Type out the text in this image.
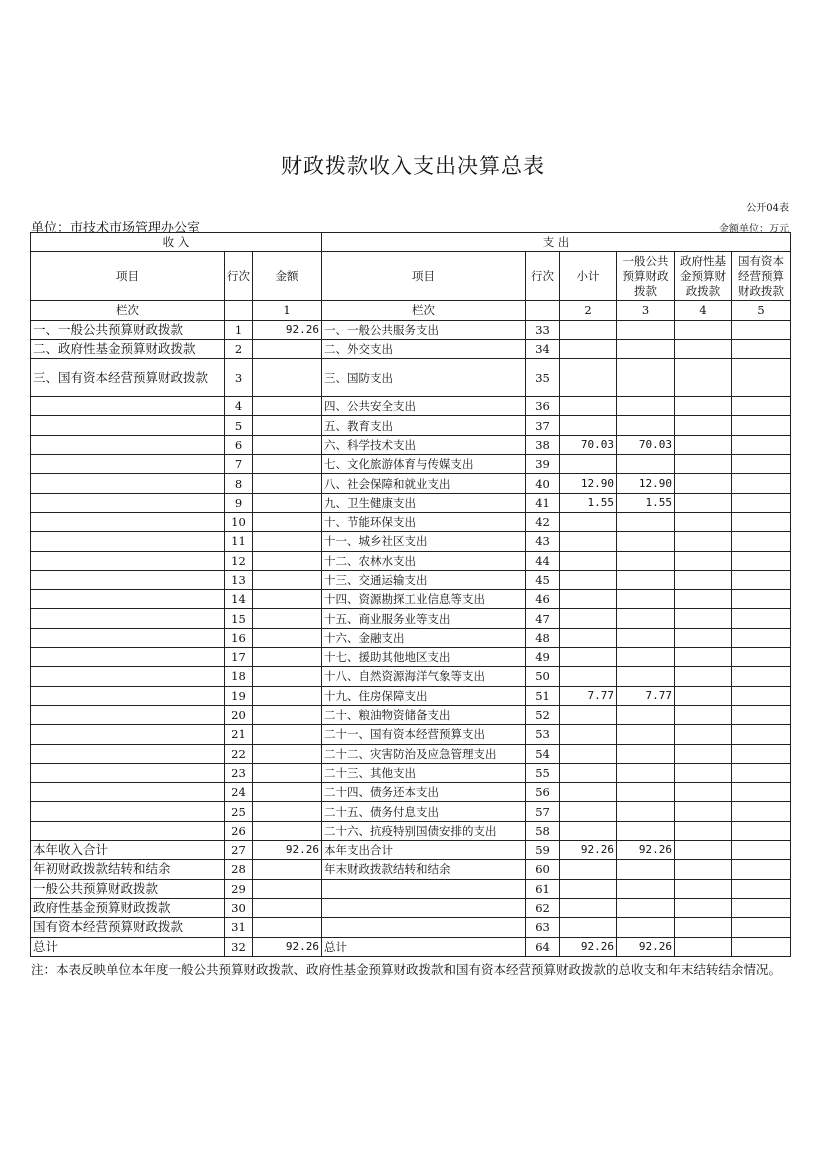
财政拨款收入支出决算总表
公开04表
单位：市技术市场管理办公室	金额单位：万元
收 入			支 出					
项目	行次	金额	项目	行次	小计	一般公共预算财政拨款	政府性基金预算财政拨款	国有资本经营预算财政拨款
栏次		1	栏次		2	3	4	5
一、一般公共预算财政拨款	1	92.26	一、一般公共服务支出	33				
二、政府性基金预算财政拨款	2		二、外交支出	34				
三、国有资本经营预算财政拨款	3		三、国防支出	35				
	4		四、公共安全支出	36				
	5		五、教育支出	37				
	6		六、科学技术支出	38	70.03	70.03		
	7		七、文化旅游体育与传媒支出	39				
	8		八、社会保障和就业支出	40	12.90	12.90		
	9		九、卫生健康支出	41	1.55	1.55		
	10		十、节能环保支出	42				
	11		十一、城乡社区支出	43				
	12		十二、农林水支出	44				
	13		十三、交通运输支出	45				
	14		十四、资源勘探工业信息等支出	46				
	15		十五、商业服务业等支出	47				
	16		十六、金融支出	48				
	17		十七、援助其他地区支出	49				
	18		十八、自然资源海洋气象等支出	50				
	19		十九、住房保障支出	51	7.77	7.77		
	20		二十、粮油物资储备支出	52				
	21		二十一、国有资本经营预算支出	53				
	22		二十二、灾害防治及应急管理支出	54				
	23		二十三、其他支出	55				
	24		二十四、债务还本支出	56				
	25		二十五、债务付息支出	57				
	26		二十六、抗疫特别国债安排的支出	58				
本年收入合计	27	92.26	本年支出合计	59	92.26	92.26		
年初财政拨款结转和结余	28		年末财政拨款结转和结余	60				
一般公共预算财政拨款	29			61				
政府性基金预算财政拨款	30			62				
国有资本经营预算财政拨款	31			63				
总计	32	92.26	总计	64	92.26	92.26		
注：本表反映单位本年度一般公共预算财政拨款、政府性基金预算财政拨款和国有资本经营预算财政拨款的总收支和年末结转结余情况。
